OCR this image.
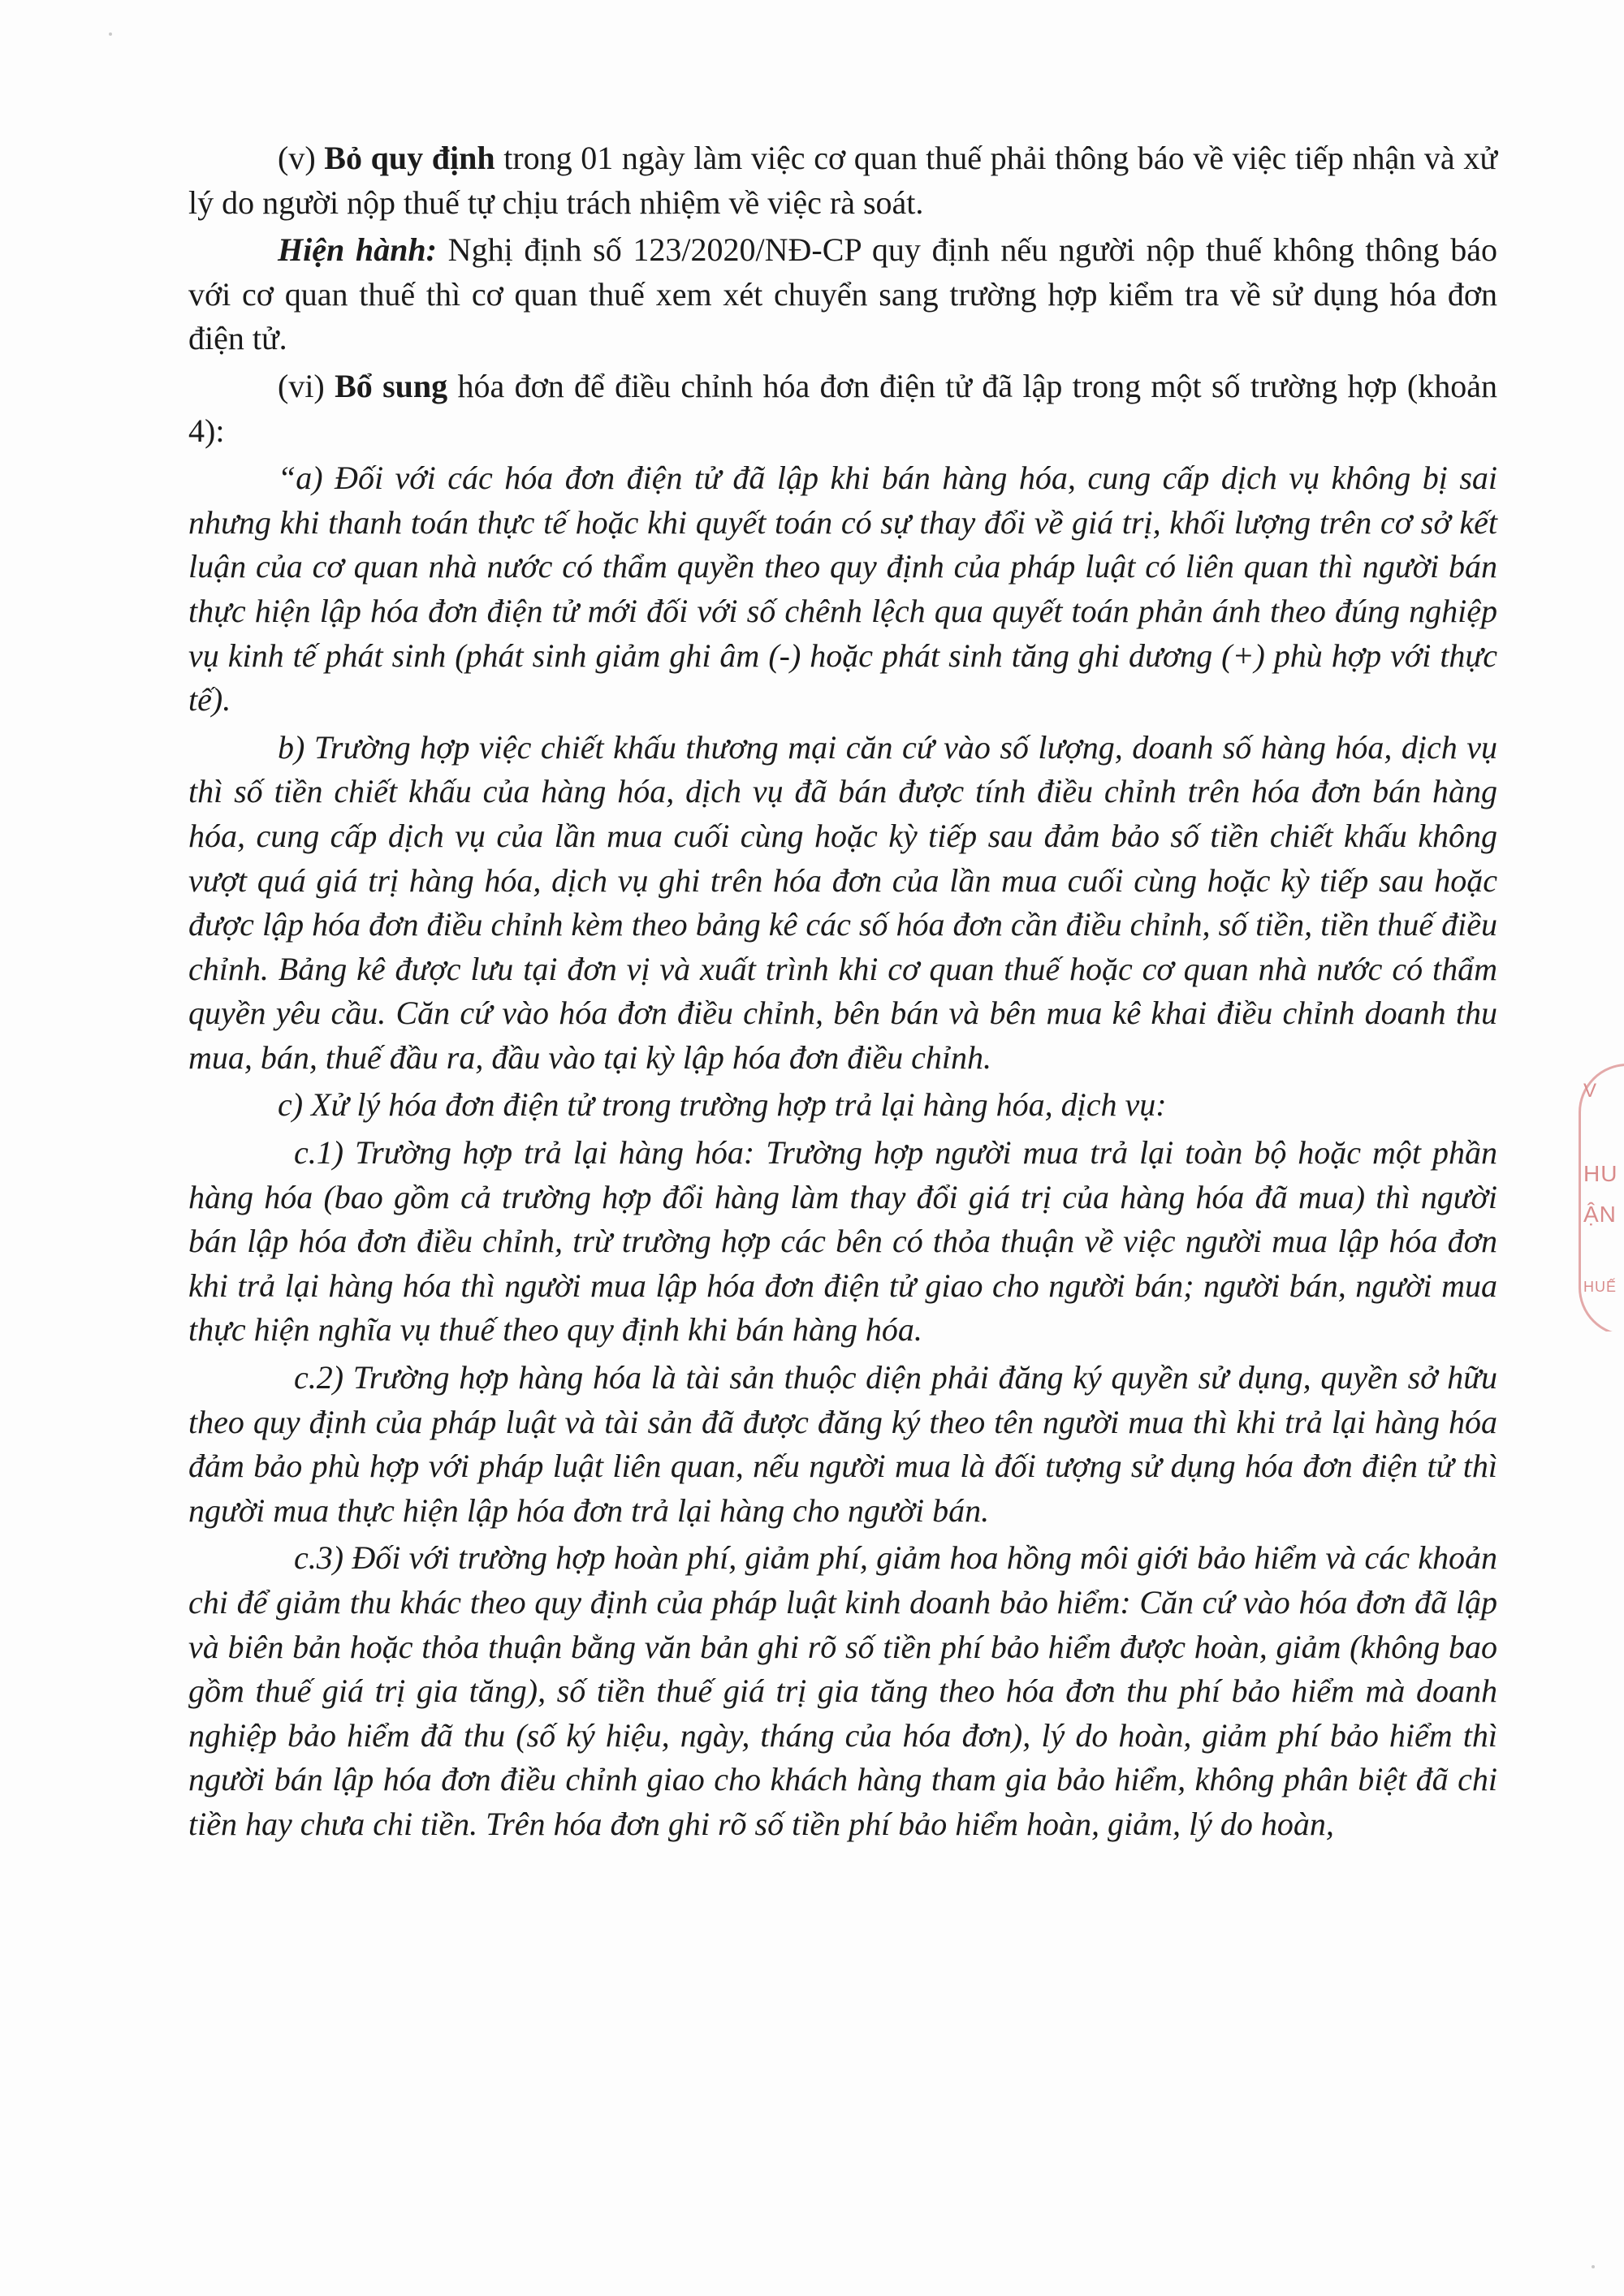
(v) Bỏ quy định trong 01 ngày làm việc cơ quan thuế phải thông báo về việc tiếp nhận và xử lý do người nộp thuế tự chịu trách nhiệm về việc rà soát.

Hiện hành: Nghị định số 123/2020/NĐ-CP quy định nếu người nộp thuế không thông báo với cơ quan thuế thì cơ quan thuế xem xét chuyển sang trường hợp kiểm tra về sử dụng hóa đơn điện tử.

(vi) Bổ sung hóa đơn để điều chỉnh hóa đơn điện tử đã lập trong một số trường hợp (khoản 4):

“a) Đối với các hóa đơn điện tử đã lập khi bán hàng hóa, cung cấp dịch vụ không bị sai nhưng khi thanh toán thực tế hoặc khi quyết toán có sự thay đổi về giá trị, khối lượng trên cơ sở kết luận của cơ quan nhà nước có thẩm quyền theo quy định của pháp luật có liên quan thì người bán thực hiện lập hóa đơn điện tử mới đối với số chênh lệch qua quyết toán phản ánh theo đúng nghiệp vụ kinh tế phát sinh (phát sinh giảm ghi âm (-) hoặc phát sinh tăng ghi dương (+) phù hợp với thực tế).

b) Trường hợp việc chiết khấu thương mại căn cứ vào số lượng, doanh số hàng hóa, dịch vụ thì số tiền chiết khấu của hàng hóa, dịch vụ đã bán được tính điều chỉnh trên hóa đơn bán hàng hóa, cung cấp dịch vụ của lần mua cuối cùng hoặc kỳ tiếp sau đảm bảo số tiền chiết khấu không vượt quá giá trị hàng hóa, dịch vụ ghi trên hóa đơn của lần mua cuối cùng hoặc kỳ tiếp sau hoặc được lập hóa đơn điều chỉnh kèm theo bảng kê các số hóa đơn cần điều chỉnh, số tiền, tiền thuế điều chỉnh. Bảng kê được lưu tại đơn vị và xuất trình khi cơ quan thuế hoặc cơ quan nhà nước có thẩm quyền yêu cầu. Căn cứ vào hóa đơn điều chỉnh, bên bán và bên mua kê khai điều chỉnh doanh thu mua, bán, thuế đầu ra, đầu vào tại kỳ lập hóa đơn điều chỉnh.

c) Xử lý hóa đơn điện tử trong trường hợp trả lại hàng hóa, dịch vụ:

c.1) Trường hợp trả lại hàng hóa: Trường hợp người mua trả lại toàn bộ hoặc một phần hàng hóa (bao gồm cả trường hợp đổi hàng làm thay đổi giá trị của hàng hóa đã mua) thì người bán lập hóa đơn điều chỉnh, trừ trường hợp các bên có thỏa thuận về việc người mua lập hóa đơn khi trả lại hàng hóa thì người mua lập hóa đơn điện tử giao cho người bán; người bán, người mua thực hiện nghĩa vụ thuế theo quy định khi bán hàng hóa.

c.2) Trường hợp hàng hóa là tài sản thuộc diện phải đăng ký quyền sử dụng, quyền sở hữu theo quy định của pháp luật và tài sản đã được đăng ký theo tên người mua thì khi trả lại hàng hóa đảm bảo phù hợp với pháp luật liên quan, nếu người mua là đối tượng sử dụng hóa đơn điện tử thì người mua thực hiện lập hóa đơn trả lại hàng cho người bán.

c.3) Đối với trường hợp hoàn phí, giảm phí, giảm hoa hồng môi giới bảo hiểm và các khoản chi để giảm thu khác theo quy định của pháp luật kinh doanh bảo hiểm: Căn cứ vào hóa đơn đã lập và biên bản hoặc thỏa thuận bằng văn bản ghi rõ số tiền phí bảo hiểm được hoàn, giảm (không bao gồm thuế giá trị gia tăng), số tiền thuế giá trị gia tăng theo hóa đơn thu phí bảo hiểm mà doanh nghiệp bảo hiểm đã thu (số ký hiệu, ngày, tháng của hóa đơn), lý do hoàn, giảm phí bảo hiểm thì người bán lập hóa đơn điều chỉnh giao cho khách hàng tham gia bảo hiểm, không phân biệt đã chi tiền hay chưa chi tiền. Trên hóa đơn ghi rõ số tiền phí bảo hiểm hoàn, giảm, lý do hoàn,

V
HU
ẬN
HUẾ
